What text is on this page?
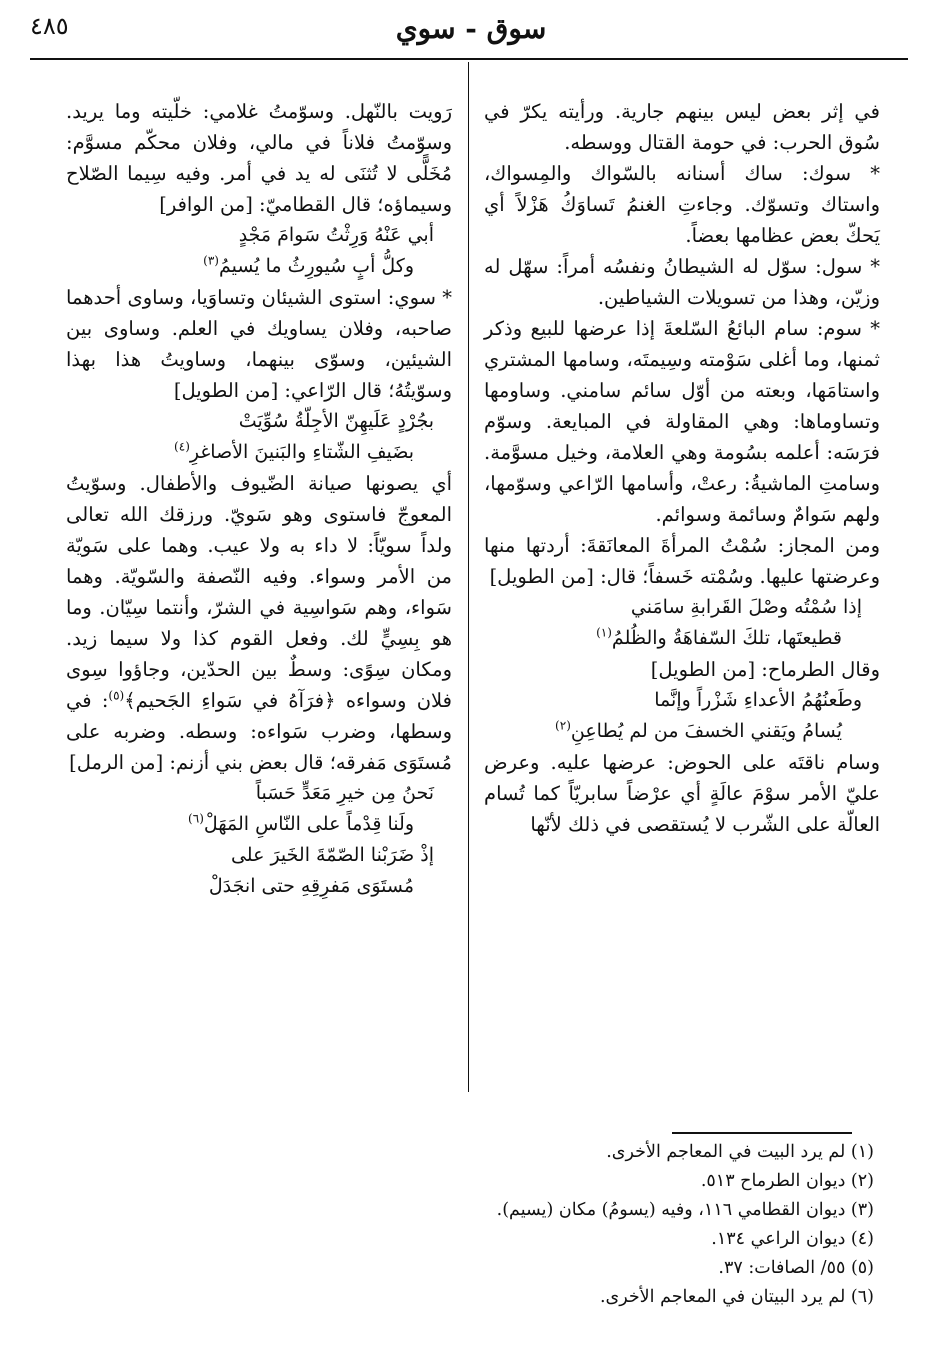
٤٨٥	سوق - سوي

في إثر بعض ليس بينهم جارية. ورأيته يكرّ في سُوق الحرب: في حومة القتال ووسطه.

* سوك: ساك أسنانه بالسّواك والمِسواك، واستاك وتسوّك. وجاءتِ الغنمُ تَساوَكُ هَزْلاً أي يَحكّ بعض عظامها بعضاً.

* سول: سوّل له الشيطانُ ونفسُه أمراً: سهّل له وزيّن، وهذا من تسويلات الشياطين.

* سوم: سام البائعُ السّلعةَ إذا عرضها للبيع وذكر ثمنها، وما أغلى سَوْمته وسِيمتَه، وسامها المشتري واستامَها، وبعته من أوّل سائم سامني. وساومها وتساوماها: وهي المقاولة في المبايعة. وسوّم فرَسَه: أعلمه بسُومة وهي العلامة، وخيل مسوَّمة. وسامتِ الماشيةُ: رعتْ، وأسامها الرّاعي وسوّمها، ولهم سَوامٌ وسائمة وسوائم.

ومن المجاز: سُمْتُ المرأةَ المعانَقةَ: أردتها منها وعرضتها عليها. وسُمْته خَسفاً؛ قال: [من الطويل]

إذا سُمْتُه وصْلَ القَرابةِ سامَني

قطيعتَها، تلكَ السّفاهَةُ والظُلمُ$^{(١)}$

وقال الطرماح: [من الطويل]

وطَعنُهُمُ الأعداءِ شَزْراً وإنَّما

يُسامُ ويَقني الخسفَ من لم يُطاعِنِ$^{(٢)}$

وسام ناقتَه على الحوض: عرضها عليه. وعرض عليّ الأمر سوْمَ عالَةٍ أي عرْضاً سابريّاً كما تُسام العالّة على الشّرب لا يُستقصى في ذلك لأنّها

رَويت بالنّهل. وسوّمتُ غلامي: خلّيته وما يريد. وسوّمتُ فلاناً في مالي، وفلان محكّم مسوَّم: مُخَلًّى لا تُثنَى له يد في أمر. وفيه سِيما الصّلاح وسيماؤه؛ قال القطاميّ: [من الوافر]

أبي عَنْهُ وَرِثْتُ سَوامَ مَجْدٍ

وكلُّ أبٍ سُيورِثُ ما يُسيمُ$^{(٣)}$

* سوي: استوى الشيئان وتساوَيا، وساوى أحدهما صاحبه، وفلان يساويك في العلم. وساوى بين الشيئين، وسوّى بينهما، وساويتُ هذا بهذا وسوّيتُهُ؛ قال الرّاعي: [من الطويل]

بجُرْدٍ عَلَيهِنّ الأجِلّةُ سُوِّيَتْ

بضَيفِ الشّتاءِ والبَنينَ الأصاغرِ$^{(٤)}$

أي يصونها صيانة الضّيوف والأطفال. وسوّيتُ المعوجّ فاستوى وهو سَويّ. ورزقك الله تعالى ولداً سويّاً: لا داء به ولا عيب. وهما على سَويّة من الأمر وسواء. وفيه النّصفة والسّويّة. وهما سَواء، وهم سَواسِية في الشرّ، وأنتما سِيّان. وما هو بِسِيٍّ لك. وفعل القوم كذا ولا سيما زيد. ومكان سِوًى: وسطٌ بين الحدّين، وجاؤوا سِوى فلان وسواءه ﴿فرَآهُ في سَواءِ الجَحيم﴾$^{(٥)}$: في وسطها، وضرب سَواءه: وسطه. وضربه على مُستَوَى مَفرقه؛ قال بعض بني أزنم: [من الرمل]

نَحنُ مِن خيرِ مَعَدٍّ حَسَباً

ولَنا قِدْماً على النّاسِ المَهَلْ$^{(٦)}$

إذْ ضَرَبْنا الصّمّةَ الخَيرَ على

مُستَوَى مَفرِقِهِ حتى انجَدَلْ

(١) لم يرد البيت في المعاجم الأخرى.
(٢) ديوان الطرماح ٥١٣.
(٣) ديوان القطامي ١١٦، وفيه (يسومُ) مكان (يسيم).
(٤) ديوان الراعي ١٣٤.
(٥) ٥٥/ الصافات: ٣٧.
(٦) لم يرد البيتان في المعاجم الأخرى.
